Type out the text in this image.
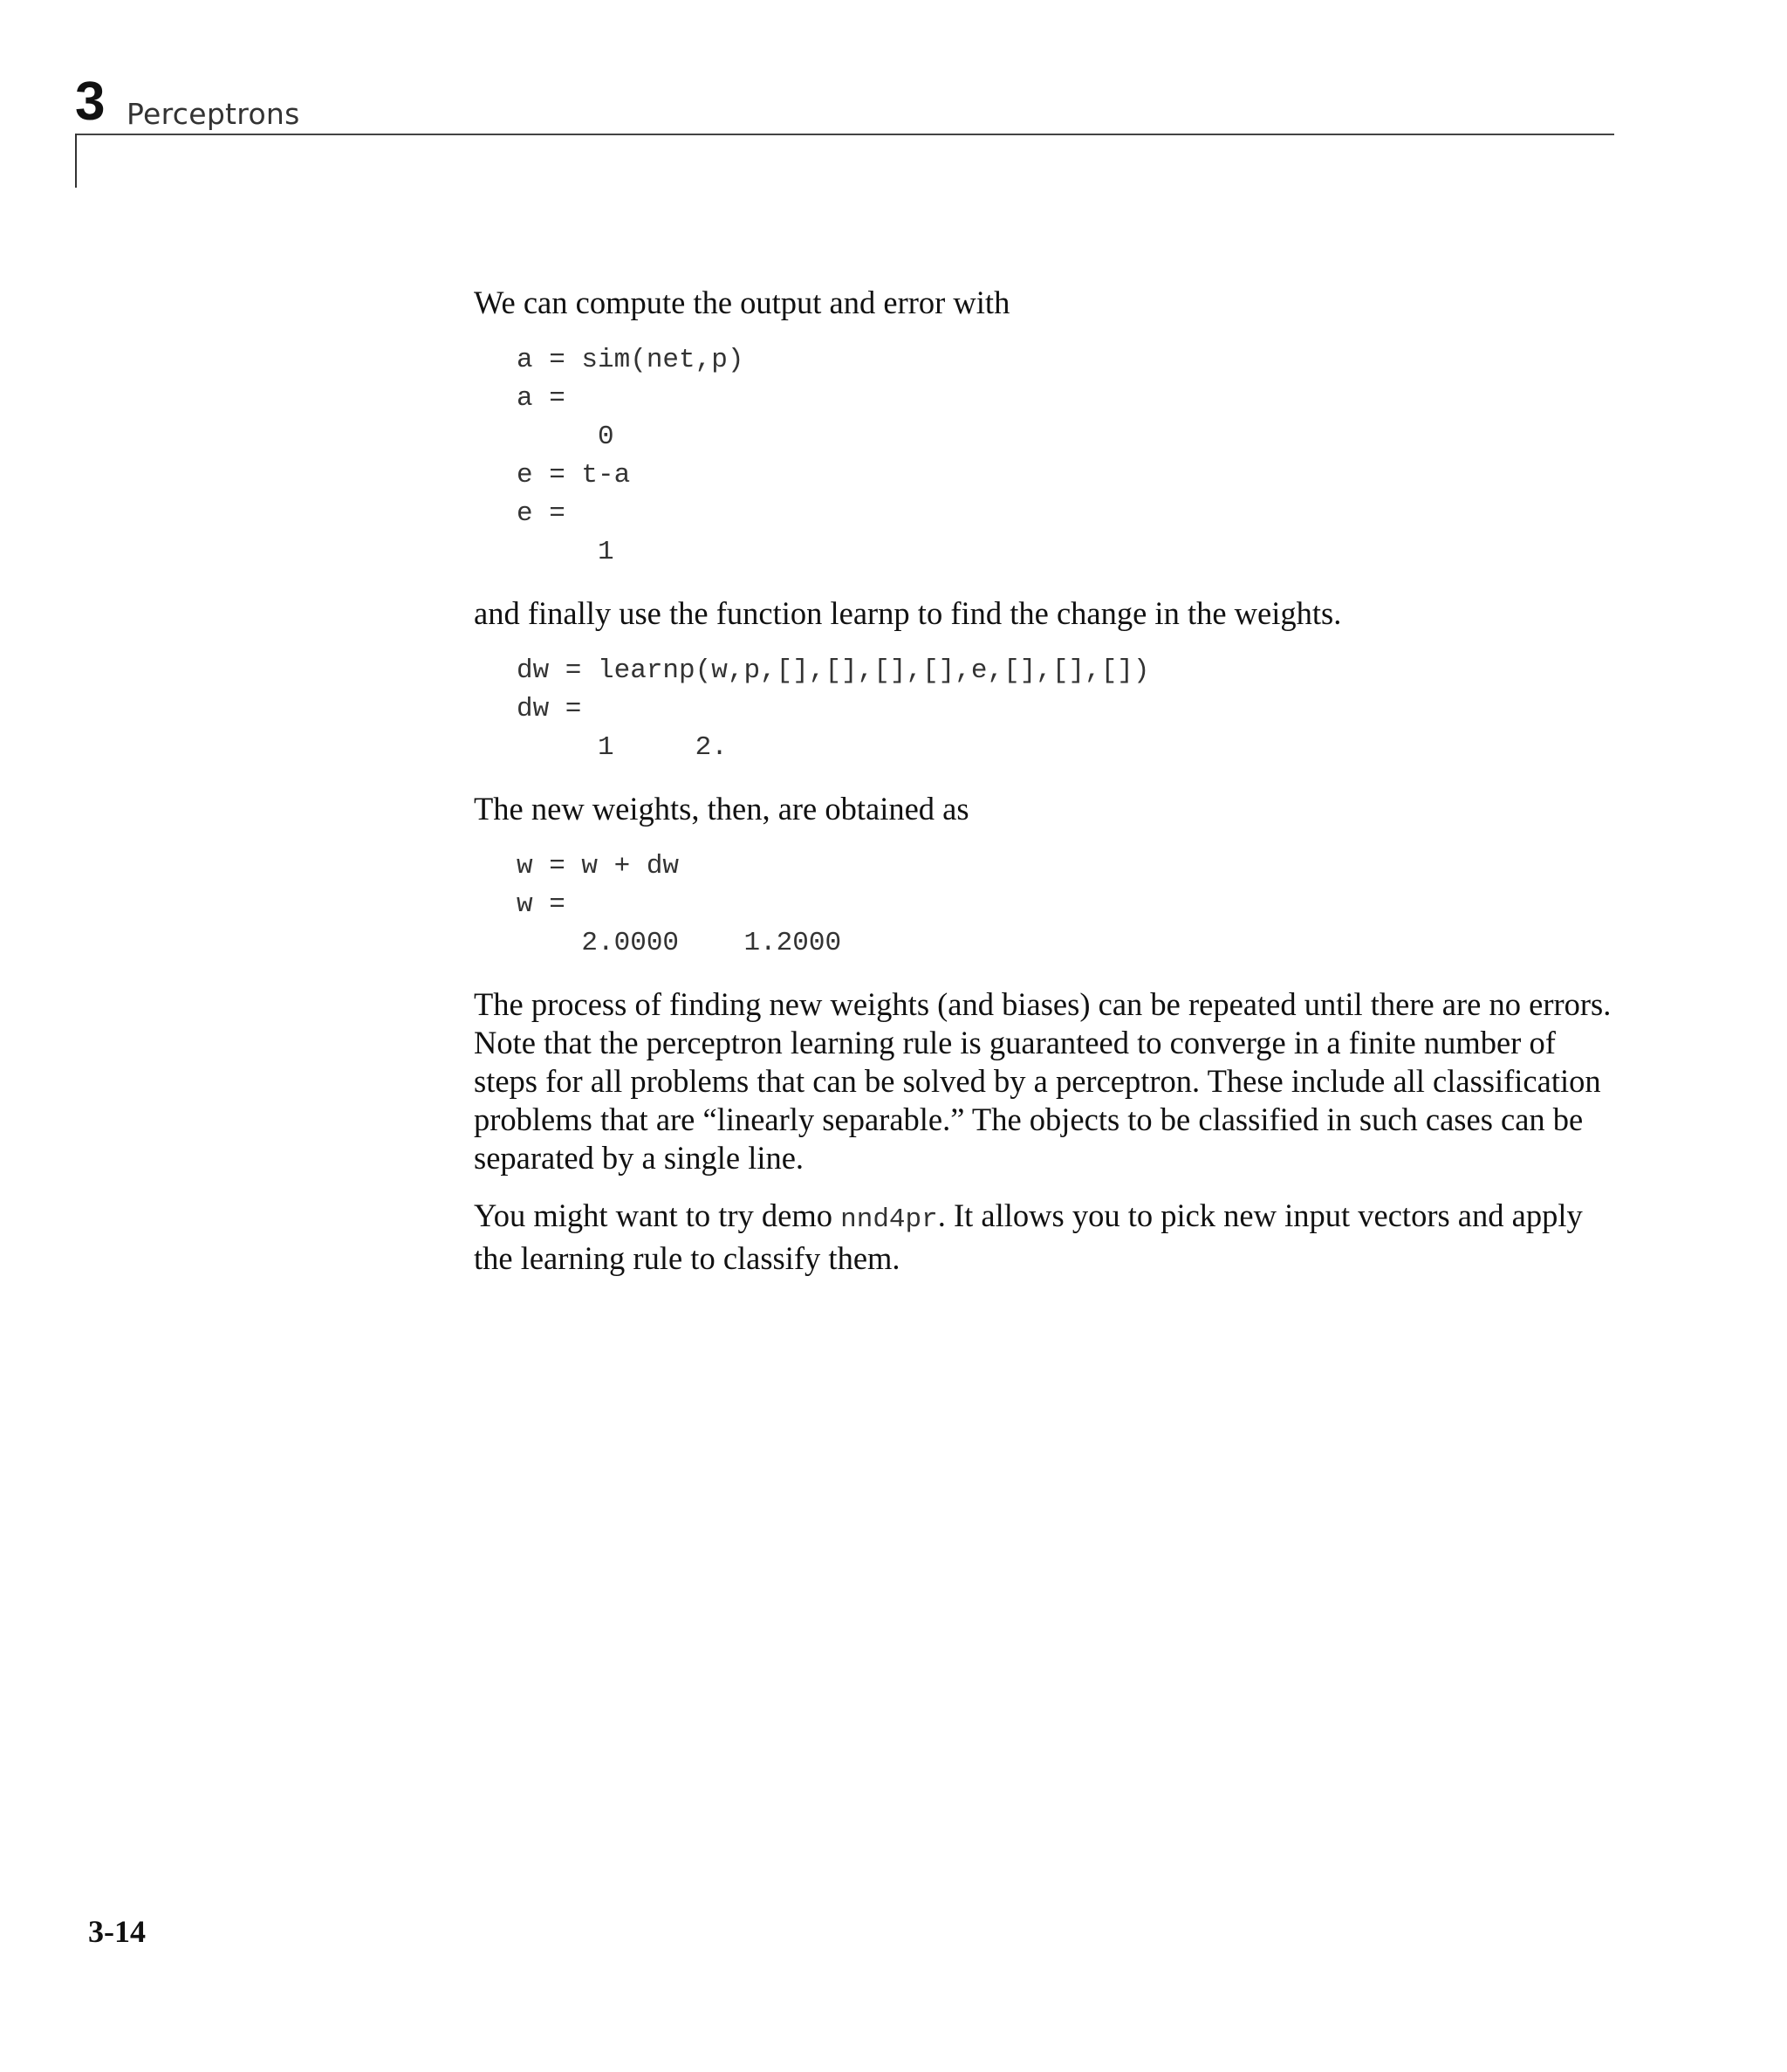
3 Perceptrons

We can compute the output and error with

a = sim(net,p)
a =
0
e = t-a
e =
1

and finally use the function learnp to find the change in the weights.

dw = learnp(w,p,[],[],[],[],e,[],[],[])
dw =
1     2.

The new weights, then, are obtained as

w = w + dw
w =
2.0000    1.2000

The process of finding new weights (and biases) can be repeated until there are no errors. Note that the perceptron learning rule is guaranteed to converge in a finite number of steps for all problems that can be solved by a perceptron. These include all classification problems that are “linearly separable.” The objects to be classified in such cases can be separated by a single line.

You might want to try demo nnd4pr. It allows you to pick new input vectors and apply the learning rule to classify them.

3-14
